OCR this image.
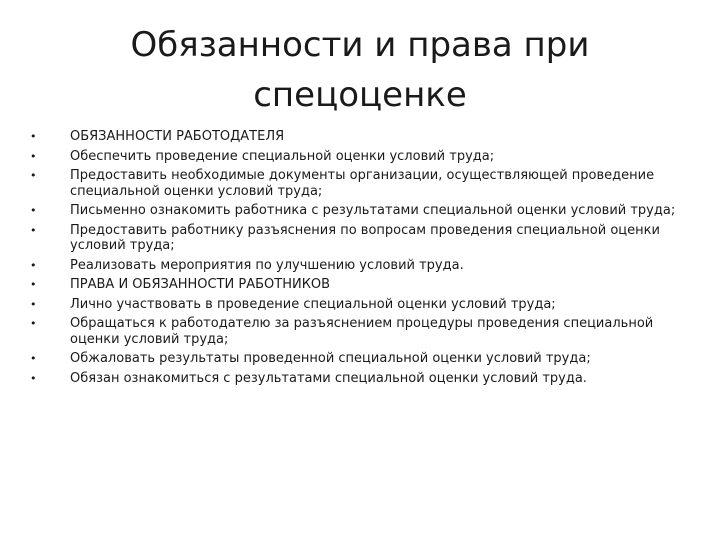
Обязанности и права при
спецоценке
•	ОБЯЗАННОСТИ РАБОТОДАТЕЛЯ
•	Обеспечить проведение специальной оценки условий труда;
•	Предоставить необходимые документы организации, осуществляющей проведение специальной оценки условий труда;
•	Письменно ознакомить работника с результатами специальной оценки условий труда;
•	Предоставить работнику разъяснения по вопросам проведения специальной оценки условий труда;
•	Реализовать мероприятия по улучшению условий труда.
•	ПРАВА И ОБЯЗАННОСТИ РАБОТНИКОВ
•	Лично участвовать в проведение специальной оценки условий труда;
•	Обращаться к работодателю за разъяснением процедуры проведения специальной оценки условий труда;
•	Обжаловать результаты проведенной специальной оценки условий труда;
•	Обязан ознакомиться с результатами специальной оценки условий труда.
